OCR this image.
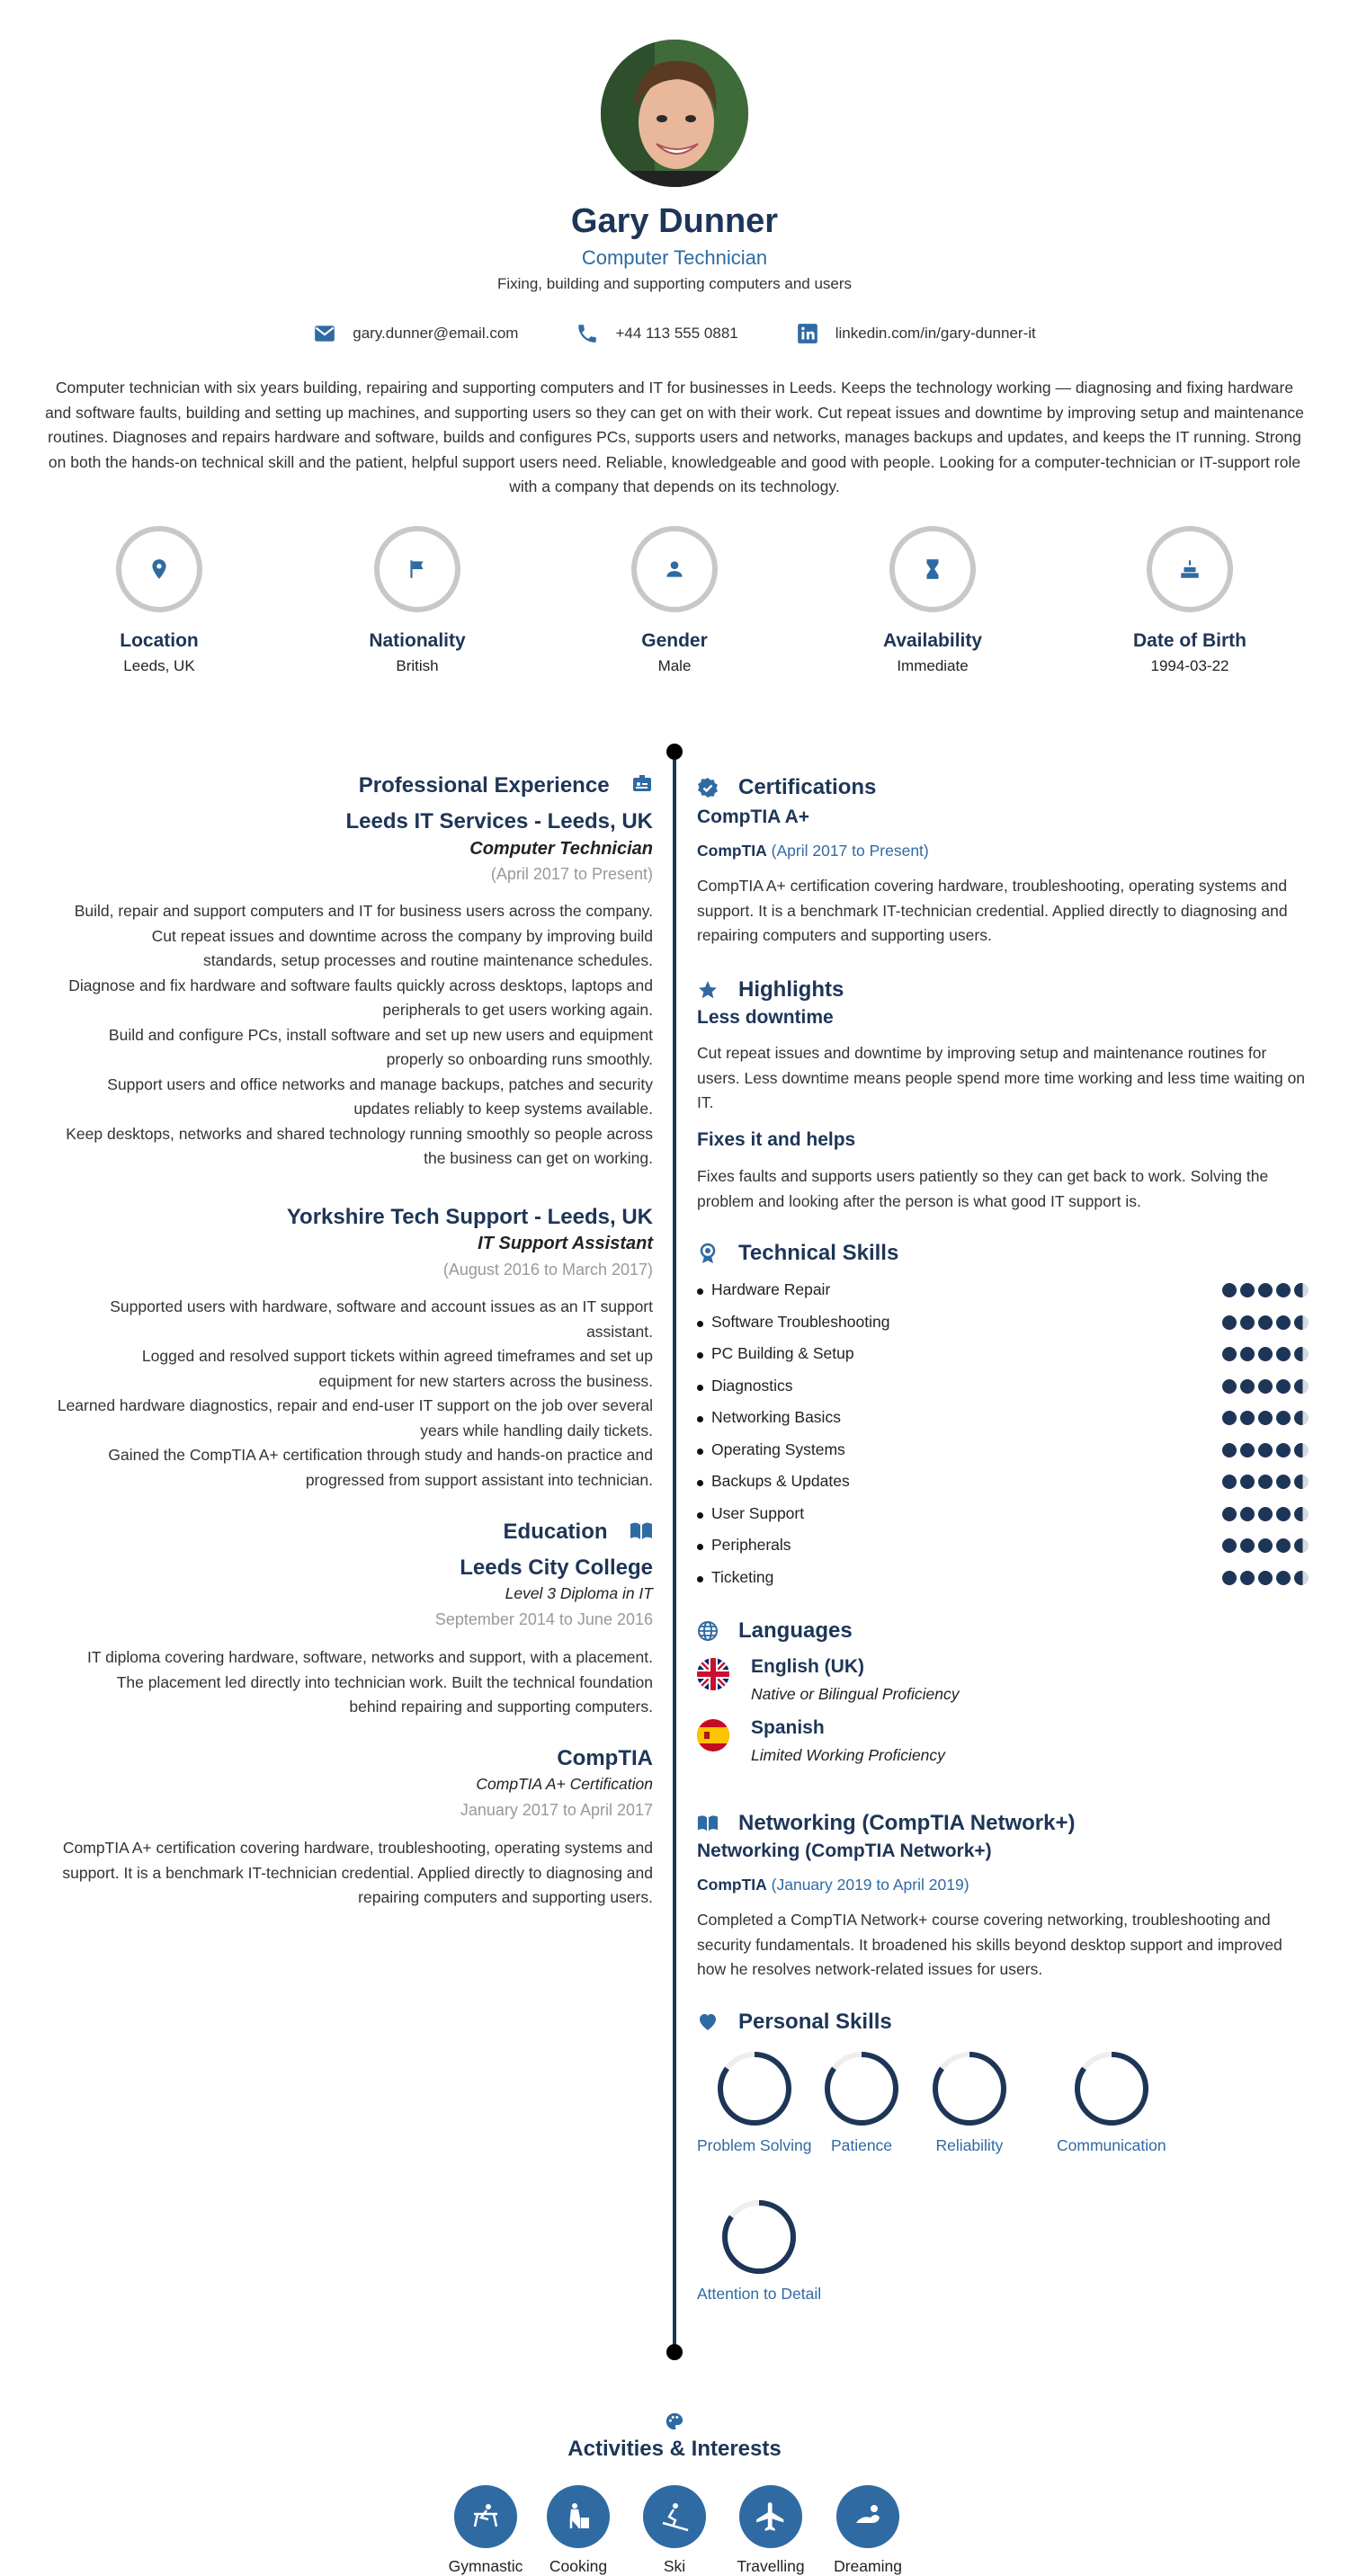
Gary Dunner
Computer Technician
Fixing, building and supporting computers and users
gary.dunner@email.com	+44 113 555 0881	linkedin.com/in/gary-dunner-it
Computer technician with six years building, repairing and supporting computers and IT for businesses in Leeds. Keeps the technology working — diagnosing and fixing hardware and software faults, building and setting up machines, and supporting users so they can get on with their work. Cut repeat issues and downtime by improving setup and maintenance routines. Diagnoses and repairs hardware and software, builds and configures PCs, supports users and networks, manages backups and updates, and keeps the IT running. Strong on both the hands-on technical skill and the patient, helpful support users need. Reliable, knowledgeable and good with people. Looking for a computer-technician or IT-support role with a company that depends on its technology.
Location
Leeds, UK
Nationality
British
Gender
Male
Availability
Immediate
Date of Birth
1994-03-22
Professional Experience
Leeds IT Services - Leeds, UK
Computer Technician
(April 2017 to Present)
Build, repair and support computers and IT for business users across the company.
Cut repeat issues and downtime across the company by improving build standards, setup processes and routine maintenance schedules.
Diagnose and fix hardware and software faults quickly across desktops, laptops and peripherals to get users working again.
Build and configure PCs, install software and set up new users and equipment properly so onboarding runs smoothly.
Support users and office networks and manage backups, patches and security updates reliably to keep systems available.
Keep desktops, networks and shared technology running smoothly so people across the business can get on working.
Yorkshire Tech Support - Leeds, UK
IT Support Assistant
(August 2016 to March 2017)
Supported users with hardware, software and account issues as an IT support assistant.
Logged and resolved support tickets within agreed timeframes and set up equipment for new starters across the business.
Learned hardware diagnostics, repair and end-user IT support on the job over several years while handling daily tickets.
Gained the CompTIA A+ certification through study and hands-on practice and progressed from support assistant into technician.
Education
Leeds City College
Level 3 Diploma in IT
September 2014 to June 2016
IT diploma covering hardware, software, networks and support, with a placement. The placement led directly into technician work. Built the technical foundation behind repairing and supporting computers.
CompTIA
CompTIA A+ Certification
January 2017 to April 2017
CompTIA A+ certification covering hardware, troubleshooting, operating systems and support. It is a benchmark IT-technician credential. Applied directly to diagnosing and repairing computers and supporting users.
Certifications
CompTIA A+
CompTIA (April 2017 to Present)
CompTIA A+ certification covering hardware, troubleshooting, operating systems and support. It is a benchmark IT-technician credential. Applied directly to diagnosing and repairing computers and supporting users.
Highlights
Less downtime
Cut repeat issues and downtime by improving setup and maintenance routines for users. Less downtime means people spend more time working and less time waiting on IT.
Fixes it and helps
Fixes faults and supports users patiently so they can get back to work. Solving the problem and looking after the person is what good IT support is.
Technical Skills
Hardware Repair
Software Troubleshooting
PC Building & Setup
Diagnostics
Networking Basics
Operating Systems
Backups & Updates
User Support
Peripherals
Ticketing
Languages
English (UK)
Native or Bilingual Proficiency
Spanish
Limited Working Proficiency
Networking (CompTIA Network+)
Networking (CompTIA Network+)
CompTIA (January 2019 to April 2019)
Completed a CompTIA Network+ course covering networking, troubleshooting and security fundamentals. It broadened his skills beyond desktop support and improved how he resolves network-related issues for users.
Personal Skills
Problem Solving	Patience	Reliability	Communication
Attention to Detail
Activities & Interests
Gymnastic	Cooking	Ski	Travelling	Dreaming
